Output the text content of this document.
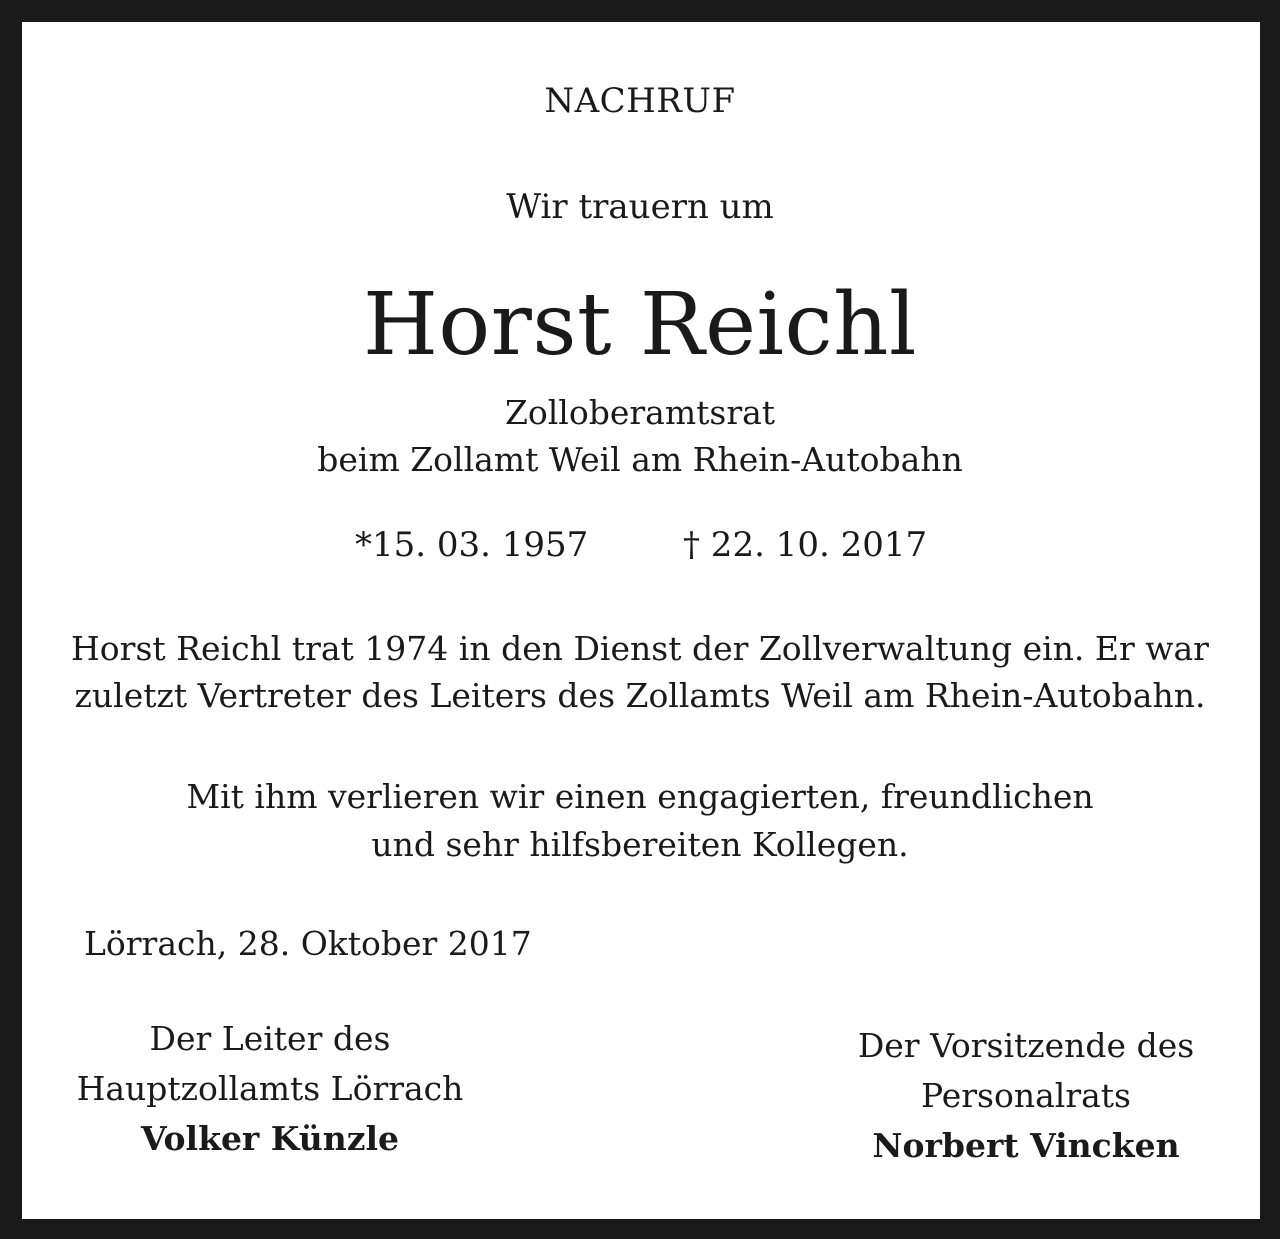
NACHRUF
Wir trauern um
Horst Reichl
Zolloberamtsrat
beim Zollamt Weil am Rhein-Autobahn
*15. 03. 1957	† 22. 10. 2017
Horst Reichl trat 1974 in den Dienst der Zollverwaltung ein. Er war
zuletzt Vertreter des Leiters des Zollamts Weil am Rhein-Autobahn.
Mit ihm verlieren wir einen engagierten, freundlichen
und sehr hilfsbereiten Kollegen.
Lörrach, 28. Oktober 2017
Der Leiter des
Hauptzollamts Lörrach
Volker Künzle
Der Vorsitzende des
Personalrats
Norbert Vincken
